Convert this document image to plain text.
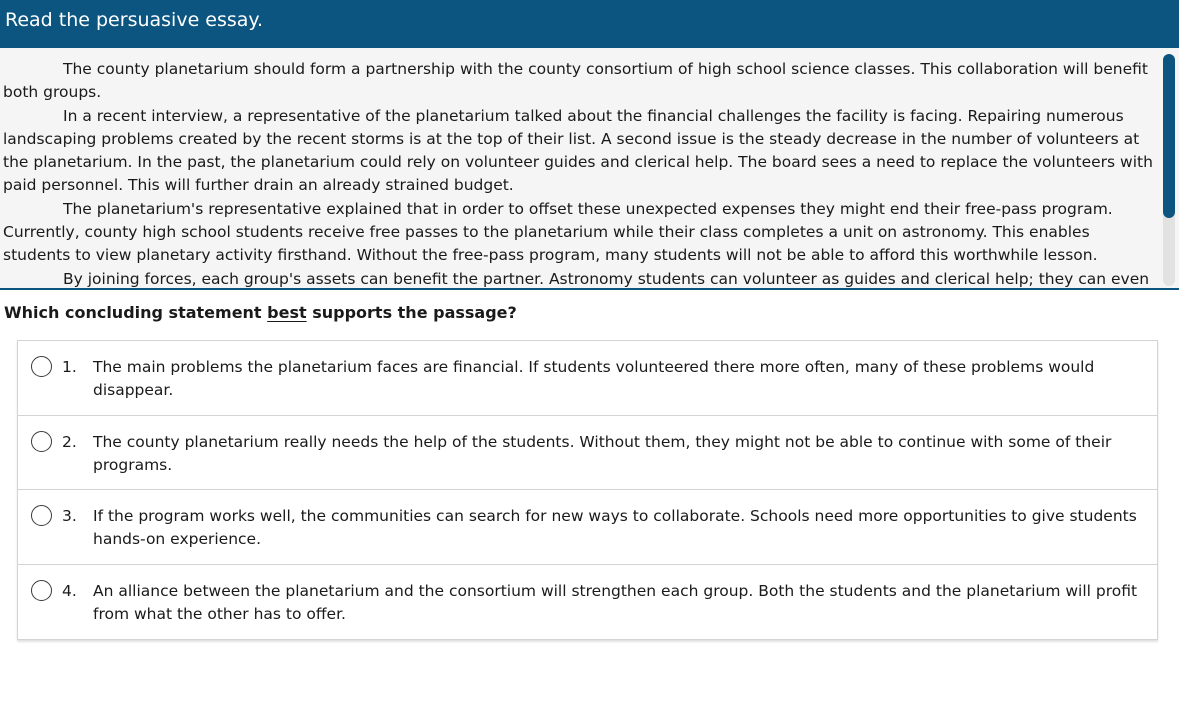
Read the persuasive essay.

The county planetarium should form a partnership with the county consortium of high school science classes. This collaboration will benefit both groups.

In a recent interview, a representative of the planetarium talked about the financial challenges the facility is facing. Repairing numerous landscaping problems created by the recent storms is at the top of their list. A second issue is the steady decrease in the number of volunteers at the planetarium. In the past, the planetarium could rely on volunteer guides and clerical help. The board sees a need to replace the volunteers with paid personnel. This will further drain an already strained budget.

The planetarium's representative explained that in order to offset these unexpected expenses they might end their free-pass program. Currently, county high school students receive free passes to the planetarium while their class completes a unit on astronomy. This enables students to view planetary activity firsthand. Without the free-pass program, many students will not be able to afford this worthwhile lesson.

By joining forces, each group's assets can benefit the partner. Astronomy students can volunteer as guides and clerical help; they can even

Which concluding statement best supports the passage?
1. The main problems the planetarium faces are financial. If students volunteered there more often, many of these problems would disappear.
2. The county planetarium really needs the help of the students. Without them, they might not be able to continue with some of their programs.
3. If the program works well, the communities can search for new ways to collaborate. Schools need more opportunities to give students hands-on experience.
4. An alliance between the planetarium and the consortium will strengthen each group. Both the students and the planetarium will profit from what the other has to offer.
